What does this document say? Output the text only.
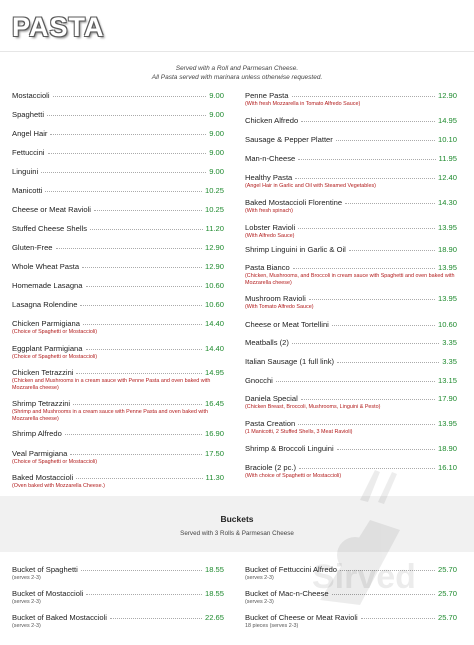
PASTA
Served with a Roll and Parmesan Cheese.
All Pasta served with marinara unless otherwise requested.
Mostaccioli	9.00
Spaghetti	9.00
Angel Hair	9.00
Fettuccini	9.00
Linguini	9.00
Manicotti	10.25
Cheese or Meat Ravioli	10.25
Stuffed Cheese Shells	11.20
Gluten-Free	12.90
Whole Wheat Pasta	12.90
Homemade Lasagna	10.60
Lasagna Rolendine	10.60
Chicken Parmigiana	14.40
(Choice of Spaghetti or Mostaccioli)
Eggplant Parmigiana	14.40
(Choice of Spaghetti or Mostaccioli)
Chicken Tetrazzini	14.95
(Chicken and Mushrooms in a cream sauce with Penne Pasta and oven baked with Mozzarella cheese)
Shrimp Tetrazzini	16.45
(Shrimp and Mushrooms in a cream sauce with Penne Pasta and oven baked with Mozzarella cheese)
Shrimp Alfredo	16.90
Veal Parmigiana	17.50
(Choice of Spaghetti or Mostaccioli)
Baked Mostaccioli	11.30
(Oven baked with Mozzarella Cheese.)
Penne Pasta	12.90
(With fresh Mozzarella in Tomato Alfredo Sauce)
Chicken Alfredo	14.95
Sausage & Pepper Platter	10.10
Man-n-Cheese	11.95
Healthy Pasta	12.40
(Angel Hair in Garlic and Oil with Steamed Vegetables)
Baked Mostaccioli Florentine	14.30
(With fresh spinach)
Lobster Ravioli	13.95
(With Alfredo Sauce)
Shrimp Linguini in Garlic & Oil	18.90
Pasta Bianco	13.95
(Chicken, Mushrooms, and Broccoli in cream sauce with Spaghetti and oven baked with Mozzarella cheese)
Mushroom Ravioli	13.95
(With Tomato Alfredo Sauce)
Cheese or Meat Tortellini	10.60
Meatballs (2)	3.35
Italian Sausage (1 full link)	3.35
Gnocchi	13.15
Daniela Special	17.90
(Chicken Breast, Broccoli, Mushrooms, Linguini & Pesto)
Pasta Creation	13.95
(1 Manicotti, 2 Stuffed Shells, 3 Meat Ravioli)
Shrimp & Broccoli Linguini	18.90
Braciole (2 pc.)	16.10
(With choice of Spaghetti or Mostaccioli)
Buckets
Served with 3 Rolls & Parmesan Cheese
Bucket of Spaghetti	18.55
(serves 2-3)
Bucket of Mostaccioli	18.55
(serves 2-3)
Bucket of Baked Mostaccioli	22.65
(serves 2-3)
Bucket of Fettuccini Alfredo	25.70
(serves 2-3)
Bucket of Mac-n-Cheese	25.70
(serves 2-3)
Bucket of Cheese or Meat Ravioli	25.70
18 pieces (serves 2-3)
Sirved
